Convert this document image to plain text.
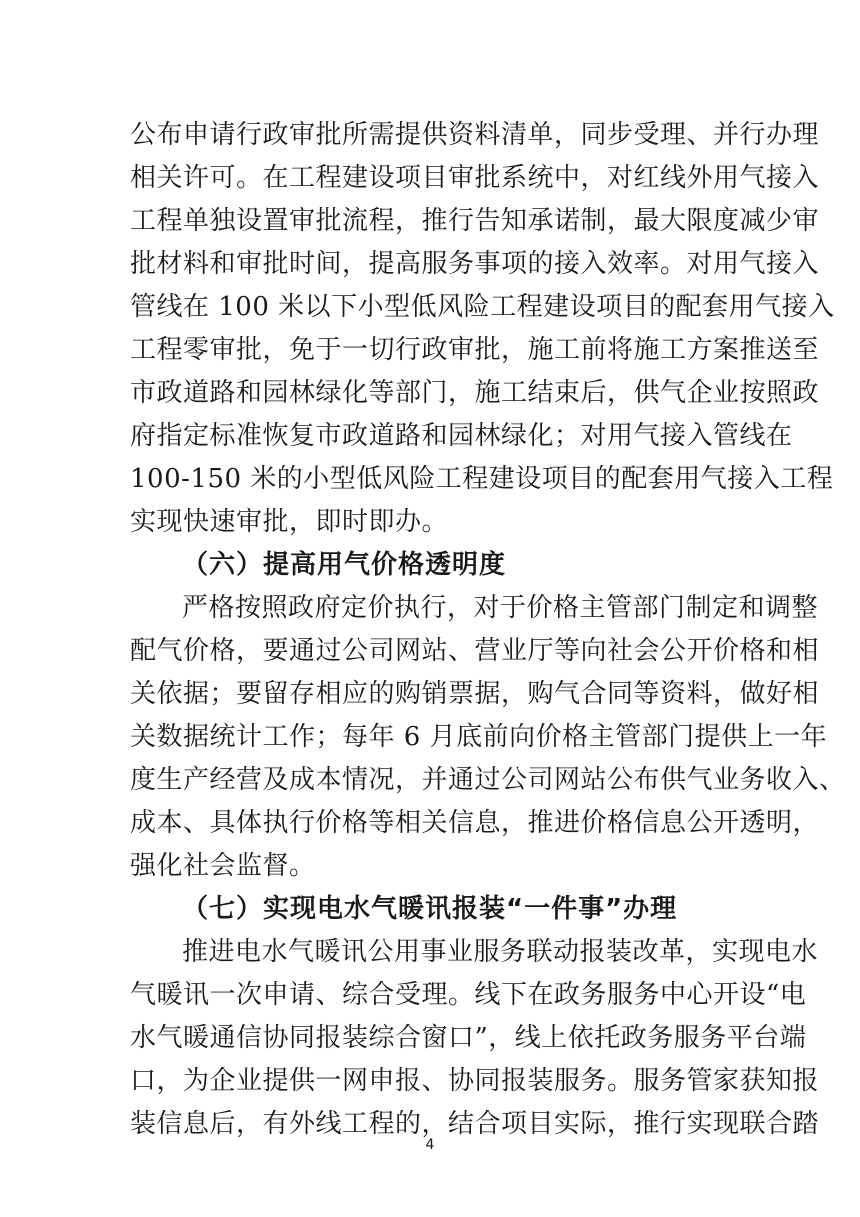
公布申请行政审批所需提供资料清单，同步受理、并行办理
相关许可。在工程建设项目审批系统中，对红线外用气接入
工程单独设置审批流程，推行告知承诺制，最大限度减少审
批材料和审批时间，提高服务事项的接入效率。对用气接入
管线在 100 米以下小型低风险工程建设项目的配套用气接入
工程零审批，免于一切行政审批，施工前将施工方案推送至
市政道路和园林绿化等部门，施工结束后，供气企业按照政
府指定标准恢复市政道路和园林绿化；对用气接入管线在
100-150 米的小型低风险工程建设项目的配套用气接入工程
实现快速审批，即时即办。
（六）提高用气价格透明度
严格按照政府定价执行，对于价格主管部门制定和调整
配气价格，要通过公司网站、营业厅等向社会公开价格和相
关依据；要留存相应的购销票据，购气合同等资料，做好相
关数据统计工作；每年 6 月底前向价格主管部门提供上一年
度生产经营及成本情况，并通过公司网站公布供气业务收入、
成本、具体执行价格等相关信息，推进价格信息公开透明，
强化社会监督。
（七）实现电水气暖讯报装“一件事”办理
推进电水气暖讯公用事业服务联动报装改革，实现电水
气暖讯一次申请、综合受理。线下在政务服务中心开设“电
水气暖通信协同报装综合窗口”，线上依托政务服务平台端
口，为企业提供一网申报、协同报装服务。服务管家获知报
装信息后，有外线工程的，结合项目实际，推行实现联合踏
4
